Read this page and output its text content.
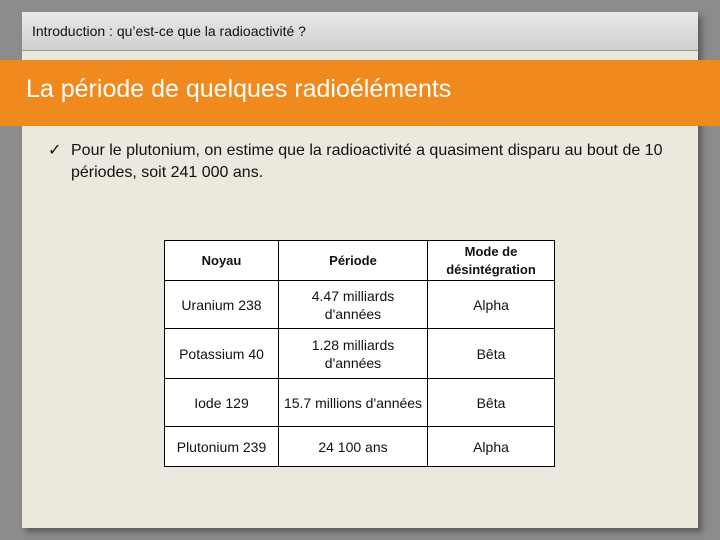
Introduction : qu’est-ce que la radioactivité ?
La période de quelques radioéléments
✓ Pour le plutonium, on estime que la radioactivité a quasiment disparu au bout de 10 périodes, soit 241 000 ans.
Noyau	Période	Mode de désintégration
Uranium 238	4.47 milliards d'années	Alpha
Potassium 40	1.28 milliards d'années	Bêta
Iode 129	15.7 millions d'années	Bêta
Plutonium 239	24 100 ans	Alpha
